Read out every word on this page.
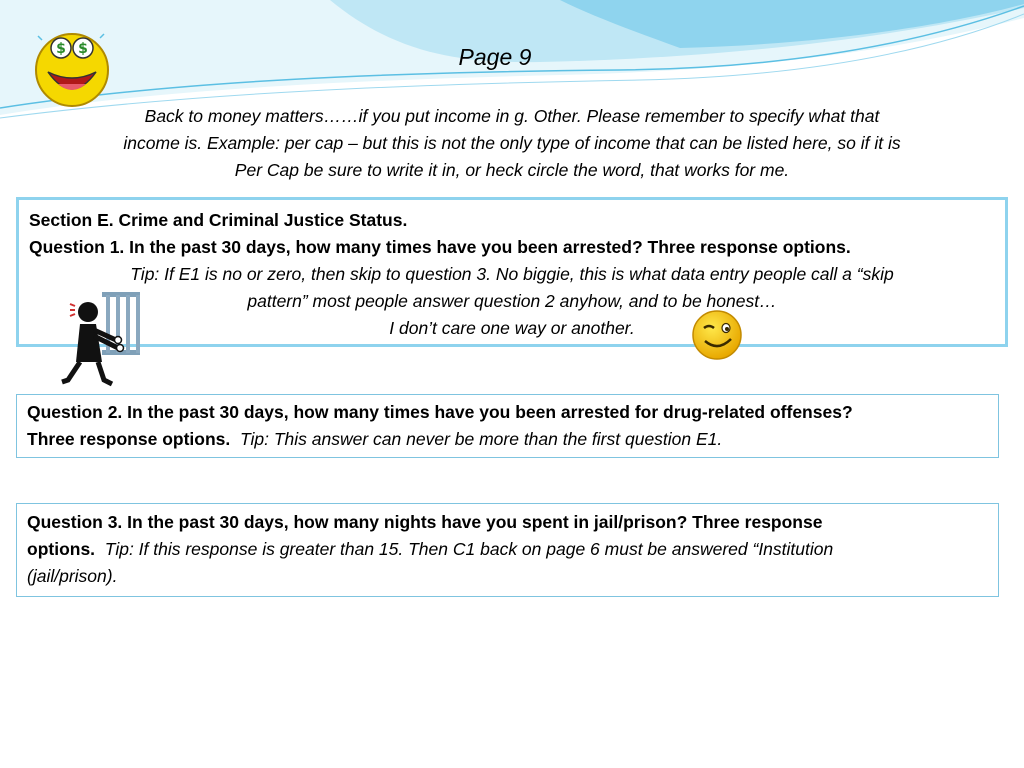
$ $	Page 9
Back to money matters……if you put income in g. Other. Please remember to specify what that
income is. Example: per cap – but this is not the only type of income that can be listed here, so if it is
Per Cap be sure to write it in, or heck circle the word, that works for me.
Section E. Crime and Criminal Justice Status.
Question 1. In the past 30 days, how many times have you been arrested? Three response options.
Tip: If E1 is no or zero, then skip to question 3. No biggie, this is what data entry people call a “skip
pattern” most people answer question 2 anyhow, and to be honest…
I don’t care one way or another.
Question 2. In the past 30 days, how many times have you been arrested for drug-related offenses?
Three response options. Tip: This answer can never be more than the first question E1.
Question 3. In the past 30 days, how many nights have you spent in jail/prison? Three response
options. Tip: If this response is greater than 15. Then C1 back on page 6 must be answered “Institution
(jail/prison).
